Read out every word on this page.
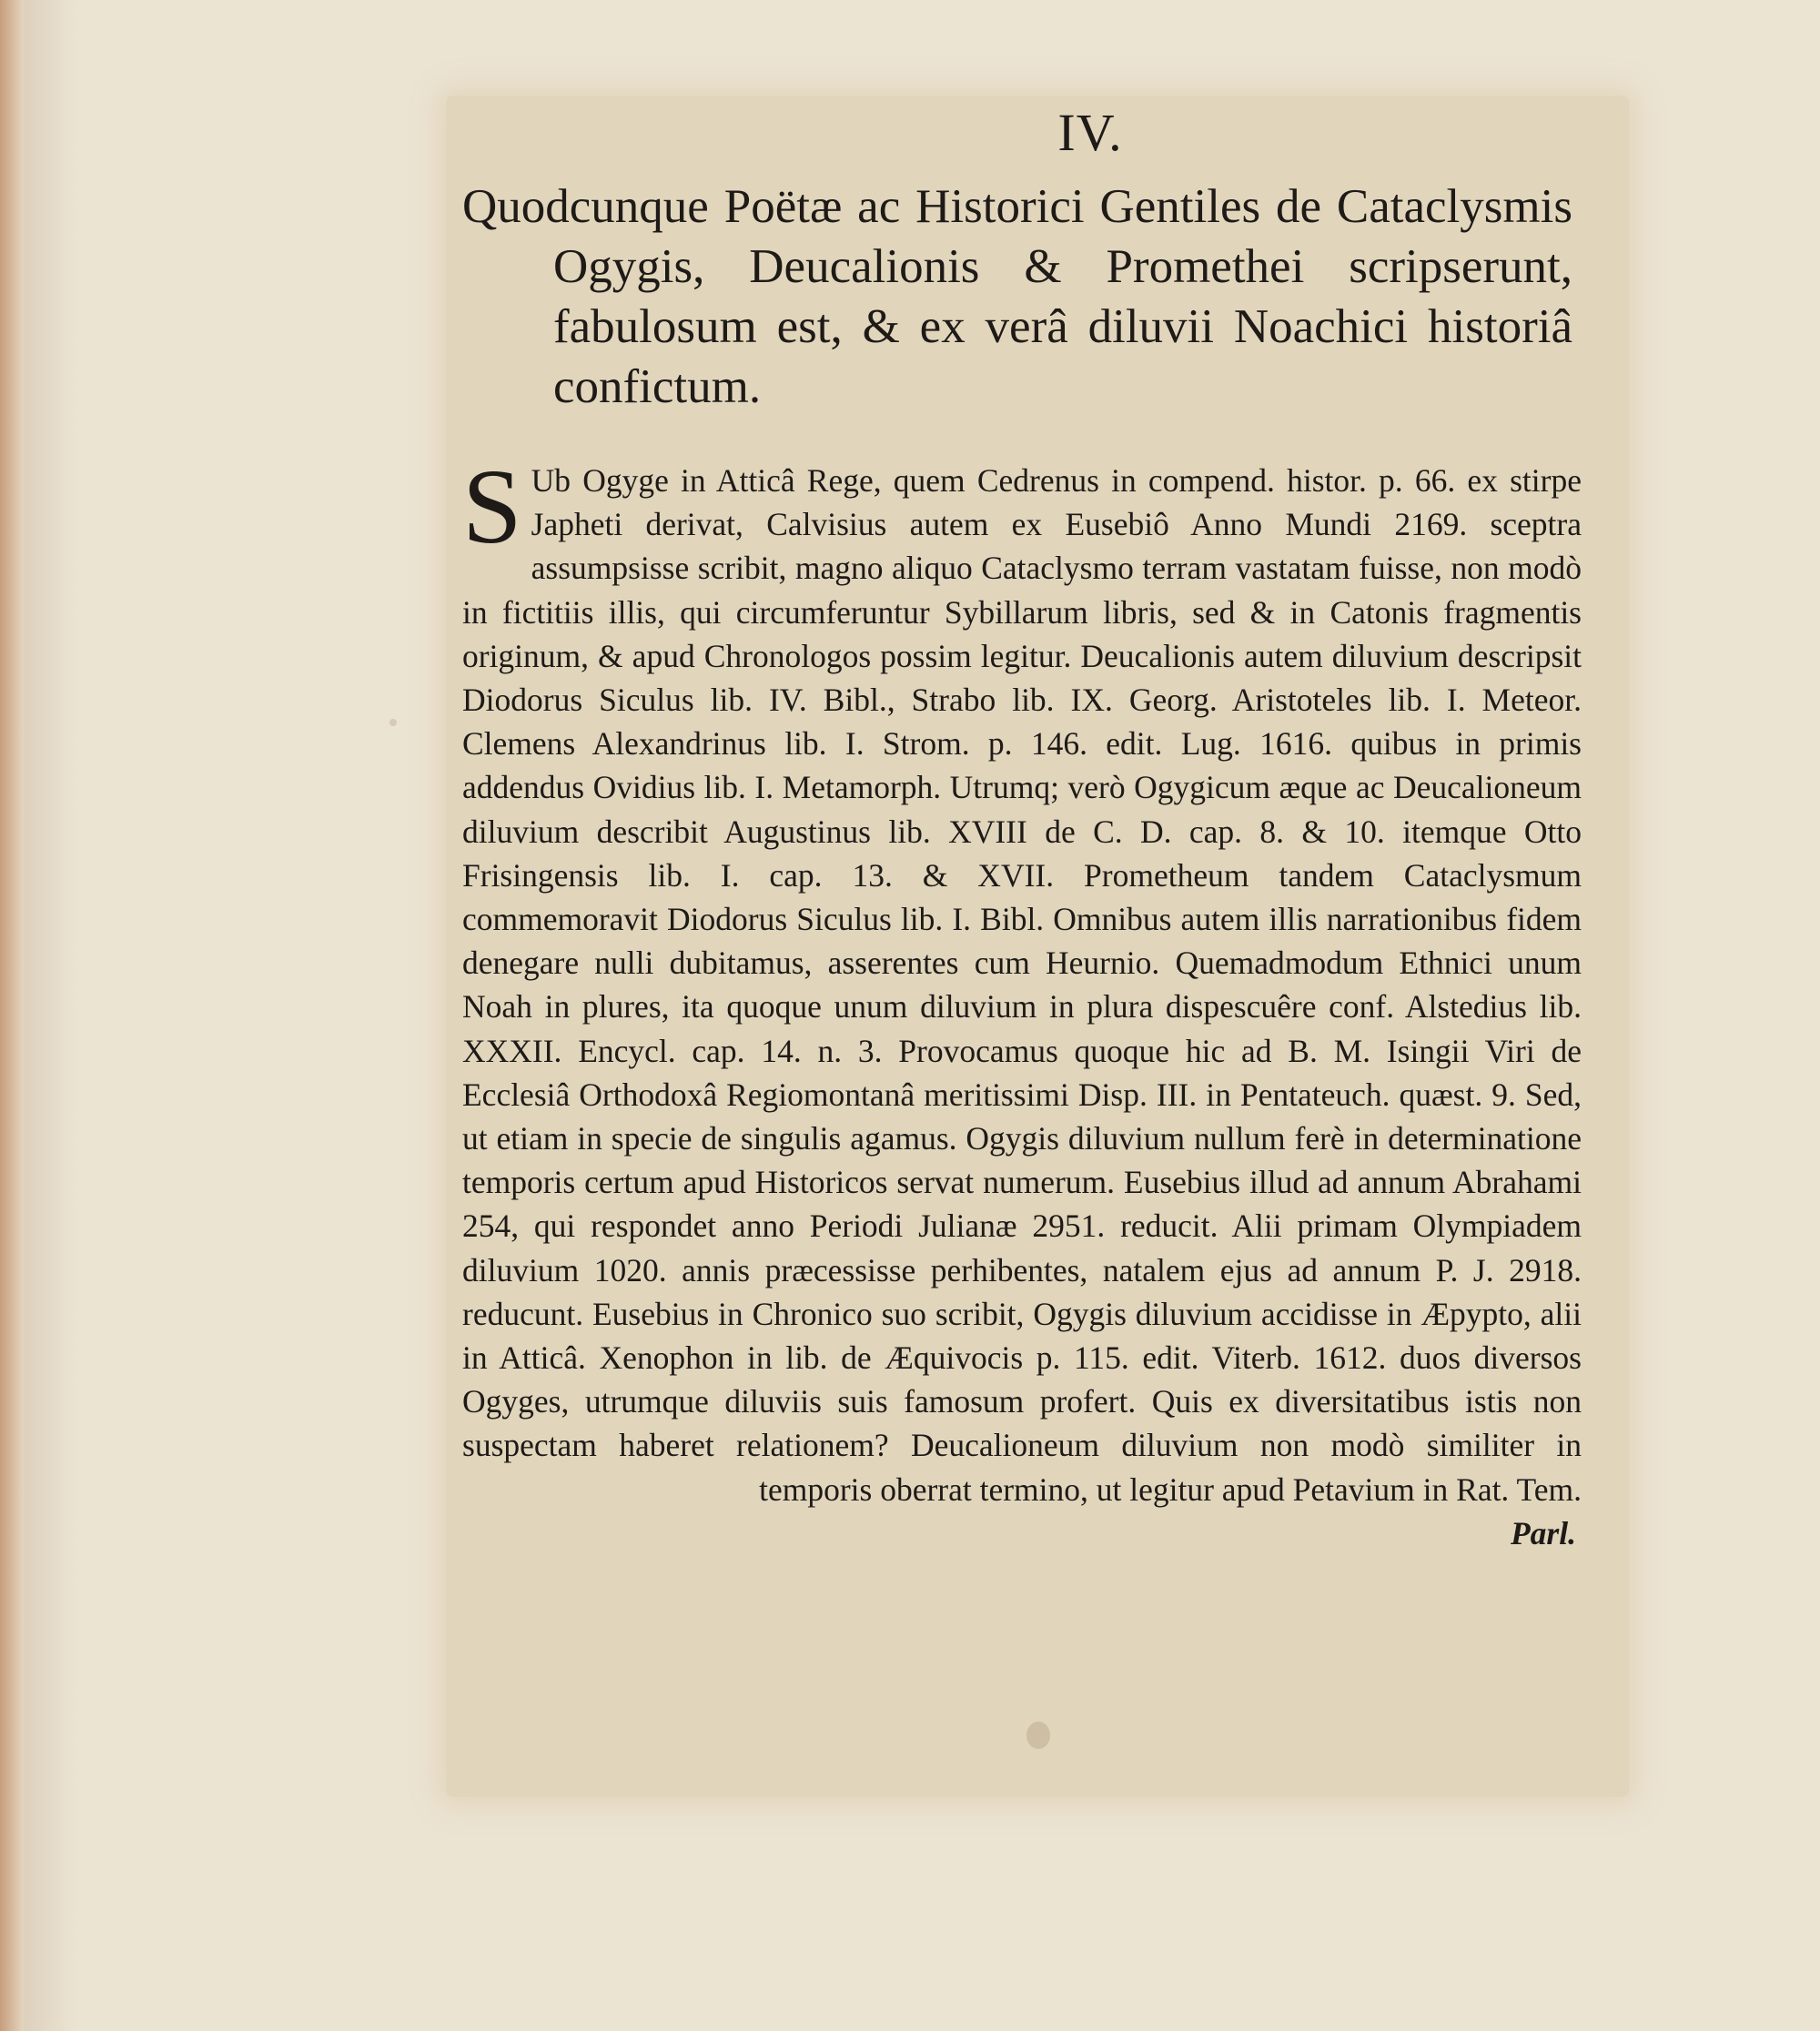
IV.
Quodcunque Poëtæ ac Historici Gentiles de Cataclysmis Ogygis, Deucalionis & Promethei scripserunt, fabulosum est, & ex verâ diluvii Noachici historiâ confictum.
S Ub Ogyge in Atticâ Rege, quem Cedrenus in compend. histor. p. 66. ex stirpe Japheti derivat, Calvisius autem ex Eusebiô Anno Mundi 2169. sceptra assumpsisse scribit, magno aliquo Cataclysmo terram vastatam fuisse, non modò in fictitiis illis, qui circumferuntur Sybillarum libris, sed & in Catonis fragmentis originum, & apud Chronologos possim legitur. Deucalionis autem diluvium descripsit Diodorus Siculus lib. IV. Bibl., Strabo lib. IX. Georg. Aristoteles lib. I. Meteor. Clemens Alexandrinus lib. I. Strom. p. 146. edit. Lug. 1616. quibus in primis addendus Ovidius lib. I. Metamorph. Utrumq; verò Ogygicum æque ac Deucalioneum diluvium describit Augustinus lib. XVIII de C. D. cap. 8. & 10. itemque Otto Frisingensis lib. I. cap. 13. & XVII. Prometheum tandem Cataclysmum commemoravit Diodorus Siculus lib. I. Bibl. Omnibus autem illis narrationibus fidem denegare nulli dubitamus, asserentes cum Heurnio. Quemadmodum Ethnici unum Noah in plures, ita quoque unum diluvium in plura dispescuêre conf. Alstedius lib. XXXII. Encycl. cap. 14. n. 3. Provocamus quoque hic ad B. M. Isingii Viri de Ecclesiâ Orthodoxâ Regiomontanâ meritissimi Disp. III. in Pentateuch. quæst. 9. Sed, ut etiam in specie de singulis agamus. Ogygis diluvium nullum ferè in determinatione temporis certum apud Historicos servat numerum. Eusebius illud ad annum Abrahami 254, qui respondet anno Periodi Julianæ 2951. reducit. Alii primam Olympiadem diluvium 1020. annis præcessisse perhibentes, natalem ejus ad annum P. J. 2918. reducunt. Eusebius in Chronico suo scribit, Ogygis diluvium accidisse in Æpypto, alii in Atticâ. Xenophon in lib. de Æquivocis p. 115. edit. Viterb. 1612. duos diversos Ogyges, utrumque diluviis suis famosum profert. Quis ex diversitatibus istis non suspectam haberet relationem? Deucalioneum diluvium non modò similiter in temporis oberrat termino, ut legitur apud Petavium in Rat. Tem.
Parl.
